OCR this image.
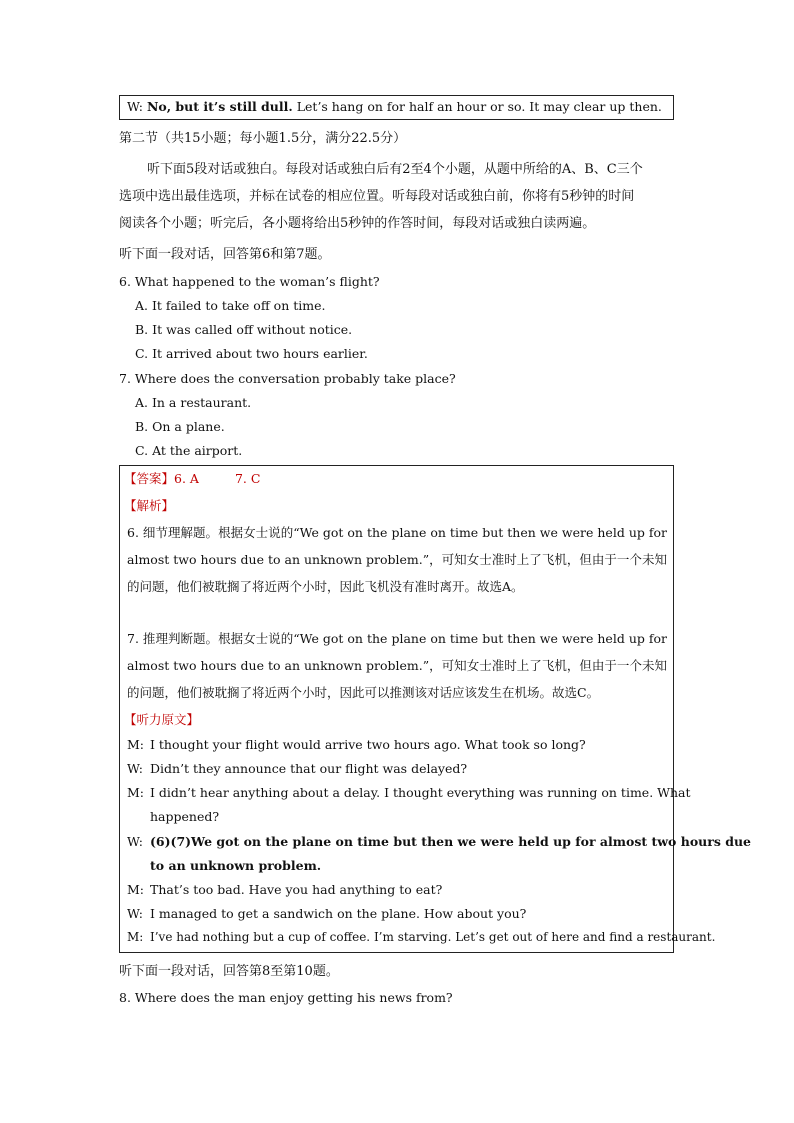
W: No, but it’s still dull. Let’s hang on for half an hour or so. It may clear up then.
第二节（共15小题；每小题1.5分，满分22.5分）
听下面5段对话或独白。每段对话或独白后有2至4个小题，从题中所给的A、B、C三个
选项中选出最佳选项，并标在试卷的相应位置。听每段对话或独白前，你将有5秒钟的时间
阅读各个小题；听完后，各小题将给出5秒钟的作答时间，每段对话或独白读两遍。
听下面一段对话，回答第6和第7题。
6. What happened to the woman’s flight?
A. It failed to take off on time.
B. It was called off without notice.
C. It arrived about two hours earlier.
7. Where does the conversation probably take place?
A. In a restaurant.
B. On a plane.
C. At the airport.
【答案】6. A	7. C
【解析】
6. 细节理解题。根据女士说的“We got on the plane on time but then we were held up for
almost two hours due to an unknown problem.”，可知女士准时上了飞机，但由于一个未知
的问题，他们被耽搁了将近两个小时，因此飞机没有准时离开。故选A。
7. 推理判断题。根据女士说的“We got on the plane on time but then we were held up for
almost two hours due to an unknown problem.”，可知女士准时上了飞机，但由于一个未知
的问题，他们被耽搁了将近两个小时，因此可以推测该对话应该发生在机场。故选C。
【听力原文】
M: I thought your flight would arrive two hours ago. What took so long?
W: Didn’t they announce that our flight was delayed?
M: I didn’t hear anything about a delay. I thought everything was running on time. What
happened?
W: (6)(7)We got on the plane on time but then we were held up for almost two hours due
to an unknown problem.
M: That’s too bad. Have you had anything to eat?
W: I managed to get a sandwich on the plane. How about you?
M: I’ve had nothing but a cup of coffee. I’m starving. Let’s get out of here and find a restaurant.
听下面一段对话，回答第8至第10题。
8. Where does the man enjoy getting his news from?
